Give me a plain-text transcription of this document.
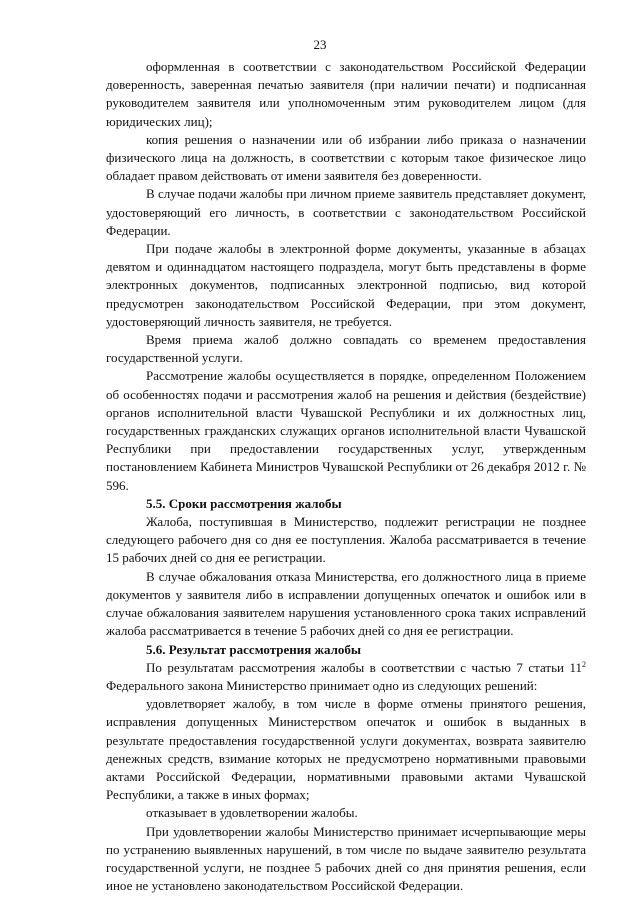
23

оформленная в соответствии с законодательством Российской Федерации доверенность, заверенная печатью заявителя (при наличии печати) и подписанная руководителем заявителя или уполномоченным этим руководителем лицом (для юридических лиц);

копия решения о назначении или об избрании либо приказа о назначении физического лица на должность, в соответствии с которым такое физическое лицо обладает правом действовать от имени заявителя без доверенности.

В случае подачи жалобы при личном приеме заявитель представляет документ, удостоверяющий его личность, в соответствии с законодательством Российской Федерации.

При подаче жалобы в электронной форме документы, указанные в абзацах девятом и одиннадцатом настоящего подраздела, могут быть представлены в форме электронных документов, подписанных электронной подписью, вид которой предусмотрен законодательством Российской Федерации, при этом документ, удостоверяющий личность заявителя, не требуется.

Время приема жалоб должно совпадать со временем предоставления государственной услуги.

Рассмотрение жалобы осуществляется в порядке, определенном Положением об особенностях подачи и рассмотрения жалоб на решения и действия (бездействие) органов исполнительной власти Чувашской Республики и их должностных лиц, государственных гражданских служащих органов исполнительной власти Чувашской Республики при предоставлении государственных услуг, утвержденным постановлением Кабинета Министров Чувашской Республики от 26 декабря 2012 г. № 596.

5.5. Сроки рассмотрения жалобы

Жалоба, поступившая в Министерство, подлежит регистрации не позднее следующего рабочего дня со дня ее поступления. Жалоба рассматривается в течение 15 рабочих дней со дня ее регистрации.

В случае обжалования отказа Министерства, его должностного лица в приеме документов у заявителя либо в исправлении допущенных опечаток и ошибок или в случае обжалования заявителем нарушения установленного срока таких исправлений жалоба рассматривается в течение 5 рабочих дней со дня ее регистрации.

5.6. Результат рассмотрения жалобы

По результатам рассмотрения жалобы в соответствии с частью 7 статьи $11^2$ Федерального закона Министерство принимает одно из следующих решений:

удовлетворяет жалобу, в том числе в форме отмены принятого решения, исправления допущенных Министерством опечаток и ошибок в выданных в результате предоставления государственной услуги документах, возврата заявителю денежных средств, взимание которых не предусмотрено нормативными правовыми актами Российской Федерации, нормативными правовыми актами Чувашской Республики, а также в иных формах;

отказывает в удовлетворении жалобы.

При удовлетворении жалобы Министерство принимает исчерпывающие меры по устранению выявленных нарушений, в том числе по выдаче заявителю результата государственной услуги, не позднее 5 рабочих дней со дня принятия решения, если иное не установлено законодательством Российской Федерации.
